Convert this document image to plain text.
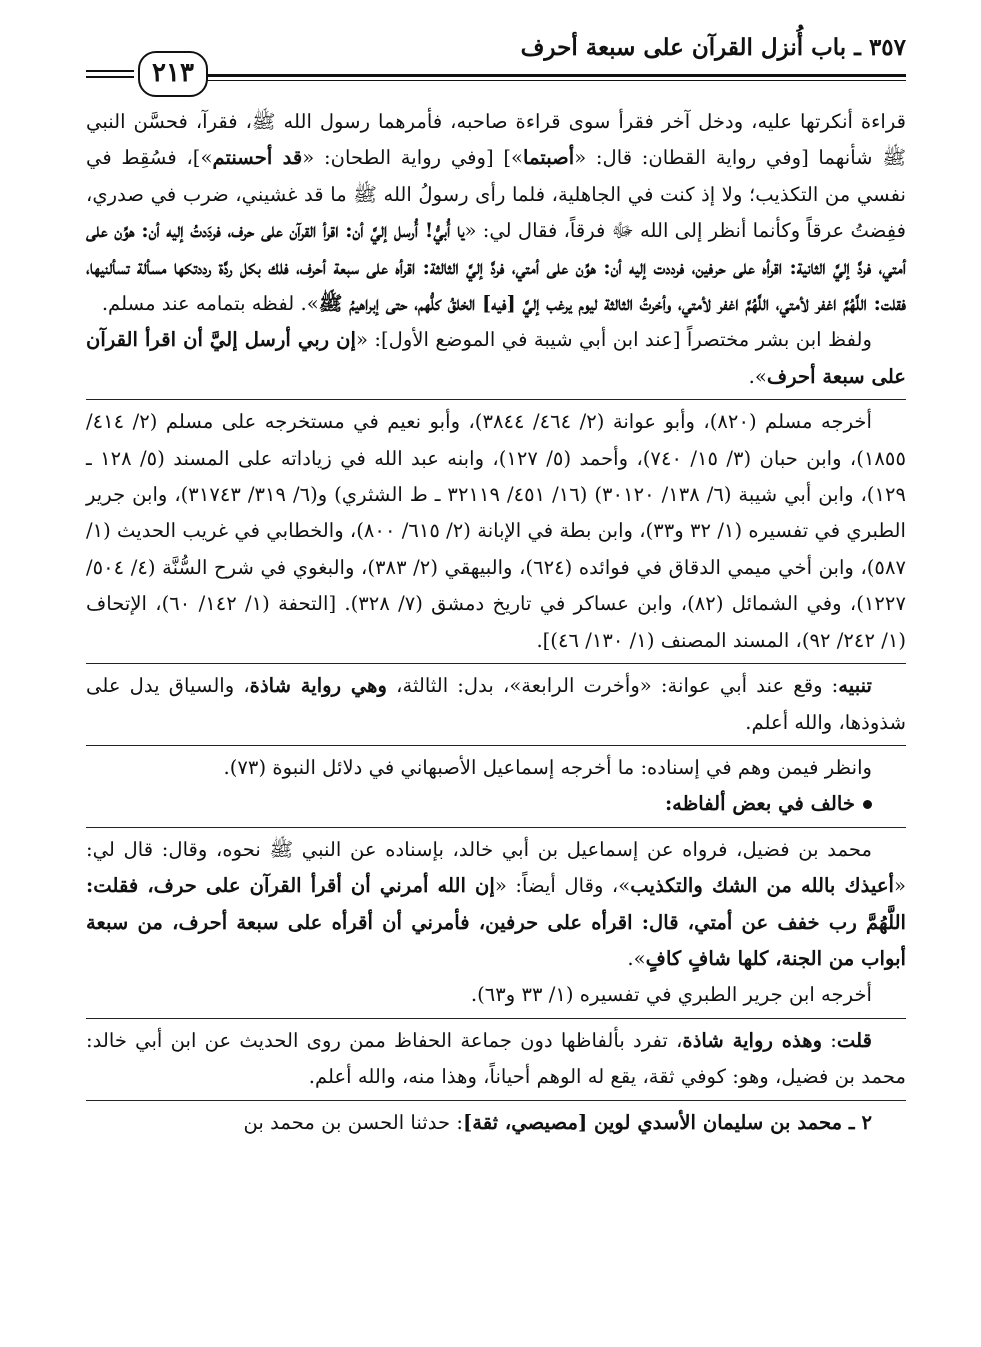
٣٥٧ ـ باب أُنزل القرآن على سبعة أحرف
٢١٣

قراءة أنكرتها عليه، ودخل آخر فقرأ سوى قراءة صاحبه، فأمرهما رسول الله ﷺ، فقرآ، فحسَّن النبي ﷺ شأنهما [وفي رواية القطان: قال: «أصبتما»] [وفي رواية الطحان: «قد أحسنتم»]، فسُقِط في نفسي من التكذيب؛ ولا إذ كنت في الجاهلية، فلما رأى رسولُ الله ﷺ ما قد غشيني، ضرب في صدري، ففِضتُ عرقاً وكأنما أنظر إلى الله ﷻ فرقاً، فقال لي: «يا أُبيُّ! أُرسل إليَّ أن: اقرأ القرآن على حرف، فردَدتُ إليه أن: هوِّن على أمتي، فردَّ إليَّ الثانية: اقرأه على حرفين، فرددت إليه أن: هوِّن على أمتي، فردَّ إليَّ الثالثة: اقرأه على سبعة أحرف، فلك بكل ردَّة رددتكها مسألة تسألنيها، فقلت: اللَّهُمَّ اغفر لأمتي، اللَّهُمَّ اغفر لأمتي، وأخرتُ الثالثة ليوم يرغب إليَّ [فيه] الخلقُ كلُّهم، حتى إبراهيمُ ﷺ». لفظه بتمامه عند مسلم.

ولفظ ابن بشر مختصراً [عند ابن أبي شيبة في الموضع الأول]: «إن ربي أرسل إليَّ أن اقرأ القرآن على سبعة أحرف».

أخرجه مسلم (٨٢٠)، وأبو عوانة (٢/ ٤٦٤/ ٣٨٤٤)، وأبو نعيم في مستخرجه على مسلم (٢/ ٤١٤/ ١٨٥٥)، وابن حبان (٣/ ١٥/ ٧٤٠)، وأحمد (٥/ ١٢٧)، وابنه عبد الله في زياداته على المسند (٥/ ١٢٨ ـ ١٢٩)، وابن أبي شيبة (٦/ ١٣٨/ ٣٠١٢٠) (١٦/ ٤٥١/ ٣٢١١٩ ـ ط الشثري) و(٦/ ٣١٩/ ٣١٧٤٣)، وابن جرير الطبري في تفسيره (١/ ٣٢ و٣٣)، وابن بطة في الإبانة (٢/ ٦١٥/ ٨٠٠)، والخطابي في غريب الحديث (١/ ٥٨٧)، وابن أخي ميمي الدقاق في فوائده (٦٢٤)، والبيهقي (٢/ ٣٨٣)، والبغوي في شرح السُّنَّة (٤/ ٥٠٤/ ١٢٢٧)، وفي الشمائل (٨٢)، وابن عساكر في تاريخ دمشق (٧/ ٣٢٨). [التحفة (١/ ١٤٢/ ٦٠)، الإتحاف (١/ ٢٤٢/ ٩٢)، المسند المصنف (١/ ١٣٠/ ٤٦)].

تنبيه: وقع عند أبي عوانة: «وأخرت الرابعة»، بدل: الثالثة، وهي رواية شاذة، والسياق يدل على شذوذها، والله أعلم.

وانظر فيمن وهم في إسناده: ما أخرجه إسماعيل الأصبهاني في دلائل النبوة (٧٣).

خالف في بعض ألفاظه:

محمد بن فضيل، فرواه عن إسماعيل بن أبي خالد، بإسناده عن النبي ﷺ نحوه، وقال: قال لي: «أعيذك بالله من الشك والتكذيب»، وقال أيضاً: «إن الله أمرني أن أقرأ القرآن على حرف، فقلت: اللَّهُمَّ رب خفف عن أمتي، قال: اقرأه على حرفين، فأمرني أن أقرأه على سبعة أحرف، من سبعة أبواب من الجنة، كلها شافٍ كافٍ».

أخرجه ابن جرير الطبري في تفسيره (١/ ٣٣ و٦٣).

قلت: وهذه رواية شاذة، تفرد بألفاظها دون جماعة الحفاظ ممن روى الحديث عن ابن أبي خالد: محمد بن فضيل، وهو: كوفي ثقة، يقع له الوهم أحياناً، وهذا منه، والله أعلم.

٢ ـ محمد بن سليمان الأسدي لوين [مصيصي، ثقة]: حدثنا الحسن بن محمد بن
